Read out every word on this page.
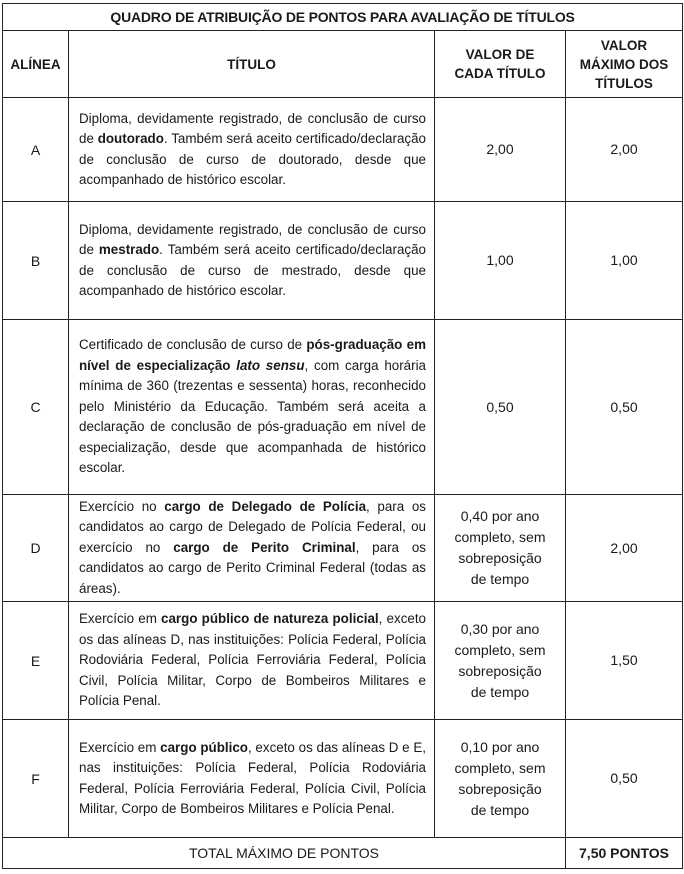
QUADRO DE ATRIBUIÇÃO DE PONTOS PARA AVALIAÇÃO DE TÍTULOS			
ALÍNEA	TÍTULO	VALOR DE CADA TÍTULO	VALOR MÁXIMO DOS TÍTULOS
A	Diploma, devidamente registrado, de conclusão de curso de doutorado. Também será aceito certificado/declaração de conclusão de curso de doutorado, desde que acompanhado de histórico escolar.	2,00	2,00
B	Diploma, devidamente registrado, de conclusão de curso de mestrado. Também será aceito certificado/declaração de conclusão de curso de mestrado, desde que acompanhado de histórico escolar.	1,00	1,00
C	Certificado de conclusão de curso de pós-graduação em nível de especialização lato sensu, com carga horária mínima de 360 (trezentas e sessenta) horas, reconhecido pelo Ministério da Educação. Também será aceita a declaração de conclusão de pós-graduação em nível de especialização, desde que acompanhada de histórico escolar.	0,50	0,50
D	Exercício no cargo de Delegado de Polícia, para os candidatos ao cargo de Delegado de Polícia Federal, ou exercício no cargo de Perito Criminal, para os candidatos ao cargo de Perito Criminal Federal (todas as áreas).	0,40 por ano completo, sem sobreposição de tempo	2,00
E	Exercício em cargo público de natureza policial, exceto os das alíneas D, nas instituições: Polícia Federal, Polícia Rodoviária Federal, Polícia Ferroviária Federal, Polícia Civil, Polícia Militar, Corpo de Bombeiros Militares e Polícia Penal.	0,30 por ano completo, sem sobreposição de tempo	1,50
F	Exercício em cargo público, exceto os das alíneas D e E, nas instituições: Polícia Federal, Polícia Rodoviária Federal, Polícia Ferroviária Federal, Polícia Civil, Polícia Militar, Corpo de Bombeiros Militares e Polícia Penal.	0,10 por ano completo, sem sobreposição de tempo	0,50
TOTAL MÁXIMO DE PONTOS			7,50 PONTOS
